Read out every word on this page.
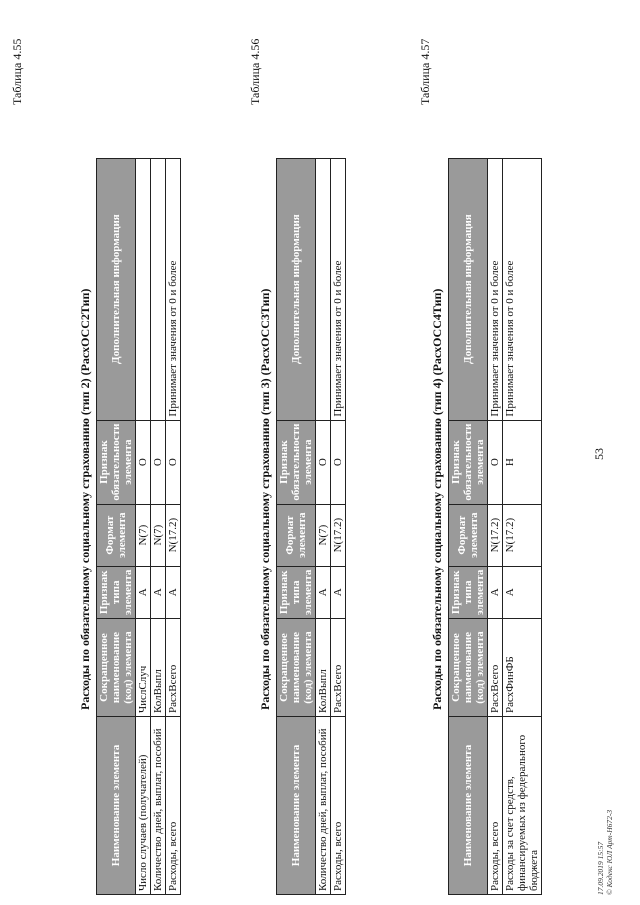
53
Таблица 4.55
Расходы по обязательному социальному страхованию (тип 2) (РасхОСС2Тип)
Наименование элемента	Сокращенное наименование (код) элемента	Признак типа элемента	Формат элемента	Признак обязательности элемента	Дополнительная информация
Число случаев (получателей)	ЧислСлуч	А	N(7)	О	
Количество дней, выплат, пособий	КолВыпл	А	N(7)	О	
Расходы, всего	РасхВсего	А	N(17.2)	О	Принимает значения от 0 и более
Таблица 4.56
Расходы по обязательному социальному страхованию (тип 3) (РасхОСС3Тип)
Наименование элемента	Сокращенное наименование (код) элемента	Признак типа элемента	Формат элемента	Признак обязательности элемента	Дополнительная информация
Количество дней, выплат, пособий	КолВыпл	А	N(7)	О	
Расходы, всего	РасхВсего	А	N(17.2)	О	Принимает значения от 0 и более
Таблица 4.57
Расходы по обязательному социальному страхованию (тип 4) (РасхОСС4Тип)
Наименование элемента	Сокращенное наименование (код) элемента	Признак типа элемента	Формат элемента	Признак обязательности элемента	Дополнительная информация
Расходы, всего	РасхВсего	А	N(17.2)	О	Принимает значения от 0 и более
Расходы за счет средств, финансируемых из федерального бюджета	РасхФинФБ	А	N(17.2)	Н	Принимает значения от 0 и более
17.09.2019 15:57 © Кодекс ЮЛ Арт-Н672-3
